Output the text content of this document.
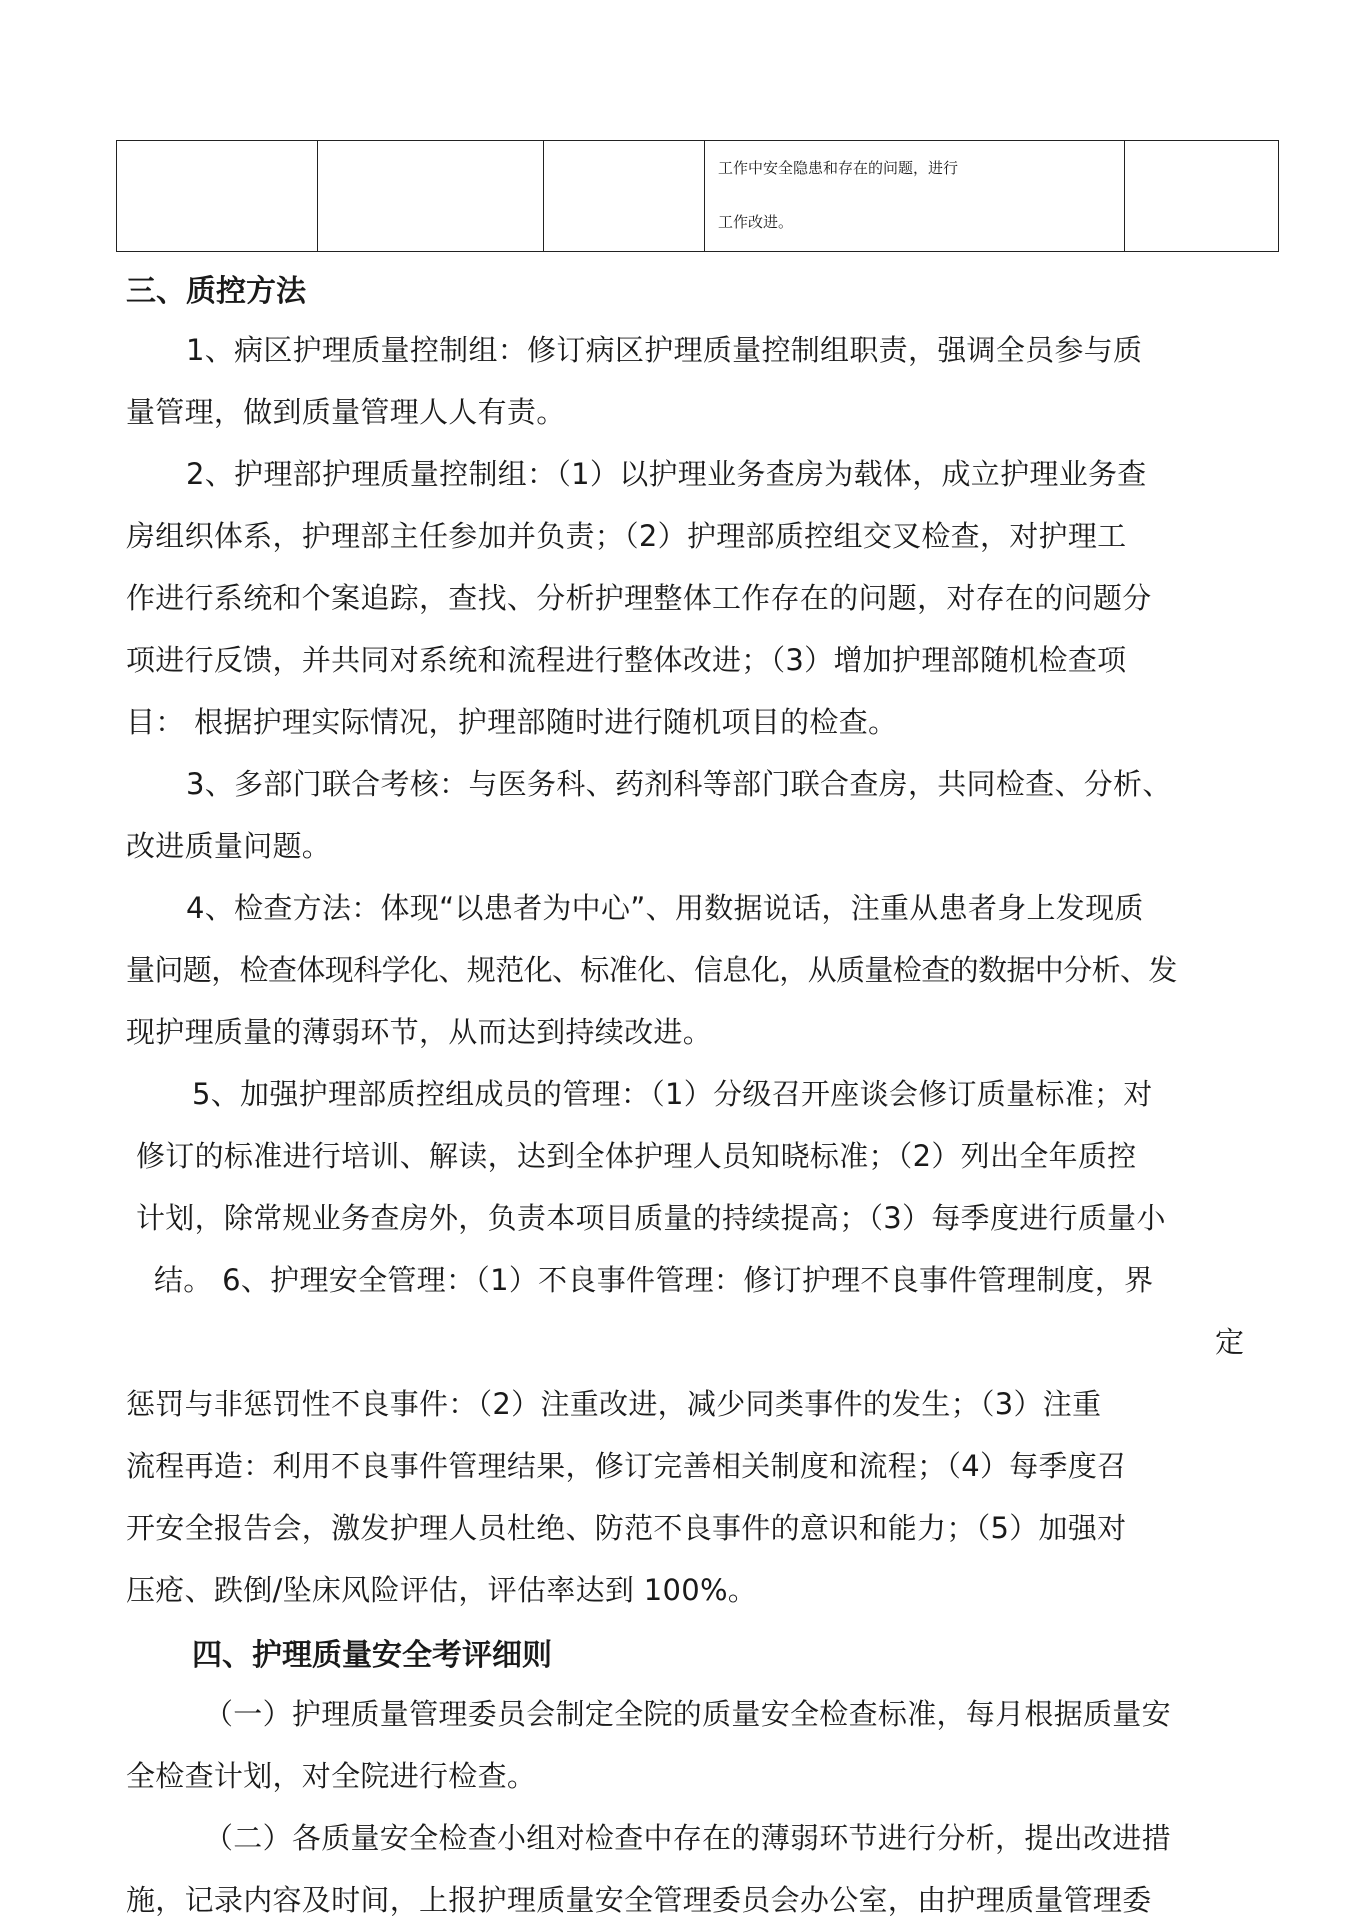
工作中安全隐患和存在的问题，进行
工作改进。

三、质控方法
1、病区护理质量控制组：修订病区护理质量控制组职责，强调全员参与质
量管理，做到质量管理人人有责。
2、护理部护理质量控制组：（1）以护理业务查房为载体，成立护理业务查
房组织体系，护理部主任参加并负责；（2）护理部质控组交叉检查，对护理工
作进行系统和个案追踪，查找、分析护理整体工作存在的问题，对存在的问题分
项进行反馈，并共同对系统和流程进行整体改进；（3）增加护理部随机检查项
目： 根据护理实际情况，护理部随时进行随机项目的检查。
3、多部门联合考核：与医务科、药剂科等部门联合查房，共同检查、分析、
改进质量问题。
4、检查方法：体现“以患者为中心”、用数据说话，注重从患者身上发现质
量问题，检查体现科学化、规范化、标准化、信息化，从质量检查的数据中分析、发
现护理质量的薄弱环节，从而达到持续改进。
5、加强护理部质控组成员的管理：（1）分级召开座谈会修订质量标准；对
修订的标准进行培训、解读，达到全体护理人员知晓标准；（2）列出全年质控
计划，除常规业务查房外，负责本项目质量的持续提高；（3）每季度进行质量小
结。 6、护理安全管理：（1）不良事件管理：修订护理不良事件管理制度，界
定
惩罚与非惩罚性不良事件：（2）注重改进，减少同类事件的发生；（3）注重
流程再造：利用不良事件管理结果，修订完善相关制度和流程；（4）每季度召
开安全报告会，激发护理人员杜绝、防范不良事件的意识和能力；（5）加强对
压疮、跌倒/坠床风险评估，评估率达到 100%。
四、护理质量安全考评细则
（一）护理质量管理委员会制定全院的质量安全检查标准，每月根据质量安
全检查计划，对全院进行检查。
（二）各质量安全检查小组对检查中存在的薄弱环节进行分析，提出改进措
施，记录内容及时间，上报护理质量安全管理委员会办公室，由护理质量管理委
